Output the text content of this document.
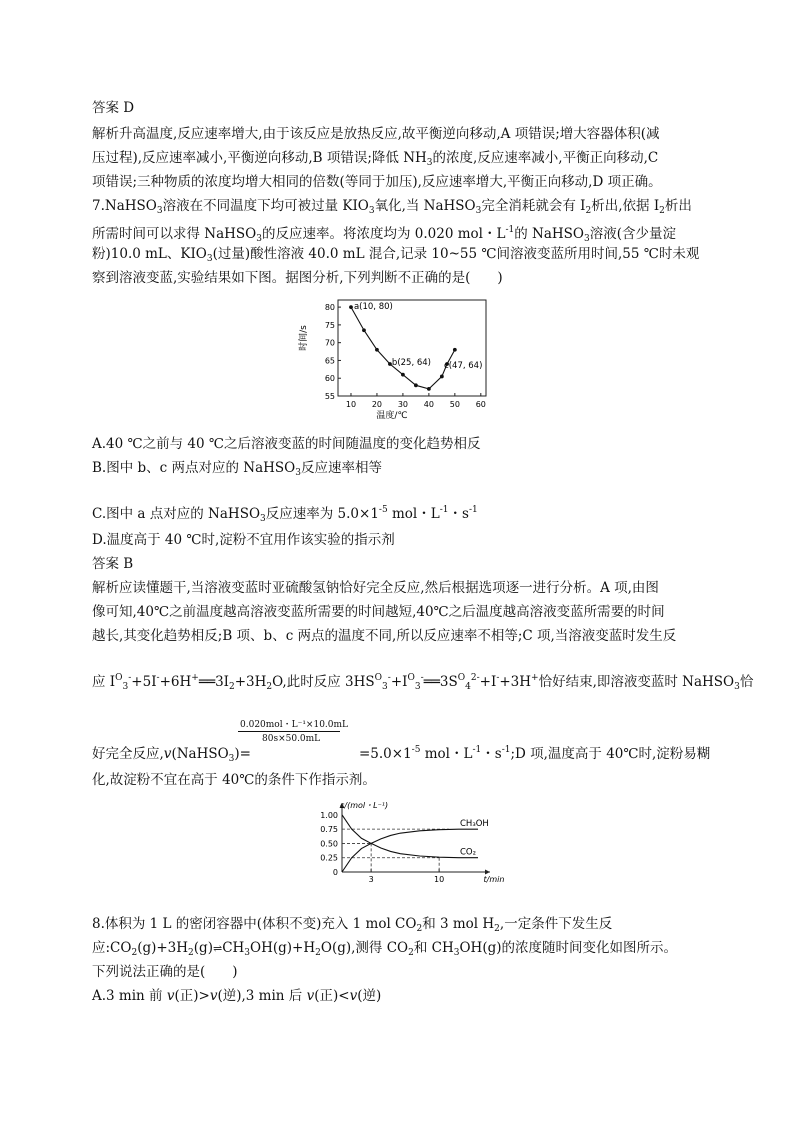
答案 D
解析升高温度,反应速率增大,由于该反应是放热反应,故平衡逆向移动,A 项错误;增大容器体积(减
压过程),反应速率减小,平衡逆向移动,B 项错误;降低 $NH_3$的浓度,反应速率减小,平衡正向移动,C
项错误;三种物质的浓度均增大相同的倍数(等同于加压),反应速率增大,平衡正向移动,D 项正确。
7.NaHSO$_3$溶液在不同温度下均可被过量 $KIO_3$氧化,当 NaHSO$_3$完全消耗就会有 $I_2$析出,依据 $I_2$析出
所需时间可以求得 NaHSO$_3$的反应速率。将浓度均为 0.020 mol・$L^{-1}$的 NaHSO$_3$溶液(含少量淀
粉)10.0 mL、$KIO_3$(过量)酸性溶液 40.0 mL 混合,记录 10~55 ℃间溶液变蓝所用时间,55 ℃时未观
察到溶液变蓝,实验结果如下图。据图分析,下列判断不正确的是(　　)
10 20 30 40 50 60
55
60
65
70
75
80
温度/℃
时间/s
a(10, 80)
b(25, 64) c(47, 64)
A.40 ℃之前与 40 ℃之后溶液变蓝的时间随温度的变化趋势相反
B.图中 b、c 两点对应的 NaHSO$_3$反应速率相等
C.图中 a 点对应的 NaHSO$_3$反应速率为 $5.0\times 1^{-5}$ mol・$L^{-1}$・$s^{-1}$
D.温度高于 40 ℃时,淀粉不宜用作该实验的指示剂
答案 B
解析应读懂题干,当溶液变蓝时亚硫酸氢钠恰好完全反应,然后根据选项逐一进行分析。A 项,由图
像可知,40℃之前温度越高溶液变蓝所需要的时间越短,40℃之后温度越高溶液变蓝所需要的时间
越长,其变化趋势相反;B 项、b、c 两点的温度不同,所以反应速率不相等;C 项,当溶液变蓝时发生反
应 $I^O_3^-+5I^-+6H^+══3I_2+3H_2O$,此时反应 $3HS^O_3^-+I^O_3^-══3S^O_4^{2-}+I^-+3H^+$恰好结束,即溶液变蓝时 NaHSO$_3$恰
0.020mol・L⁻¹×10.0mL
80s×50.0mL
好完全反应,v(NaHSO$_3$)=	$=5.0\times 1^{-5}$ mol・$L^{-1}$・$s^{-1};D$ 项,温度高于 40℃时,淀粉易糊
化,故淀粉不宜在高于 40℃的条件下作指示剂。
0
0.25
0.50
0.75
1.00
3	10	t/min
c/(mol・L⁻¹)
CH₃OH
CO₂
8.体积为 1 L 的密闭容器中(体积不变)充入 1 mol $CO_2$和 3 mol $H_2$,一定条件下发生反
应$:CO_2(g)+3H_2(g)\rightleftharpoons CH_3OH(g)+H_2O(g)$,测得 $CO_2$和 $CH_3OH(g)$的浓度随时间变化如图所示。
下列说法正确的是(　　)
A.3 min 前 v(正)>v(逆),3 min 后 v(正)<v(逆)
